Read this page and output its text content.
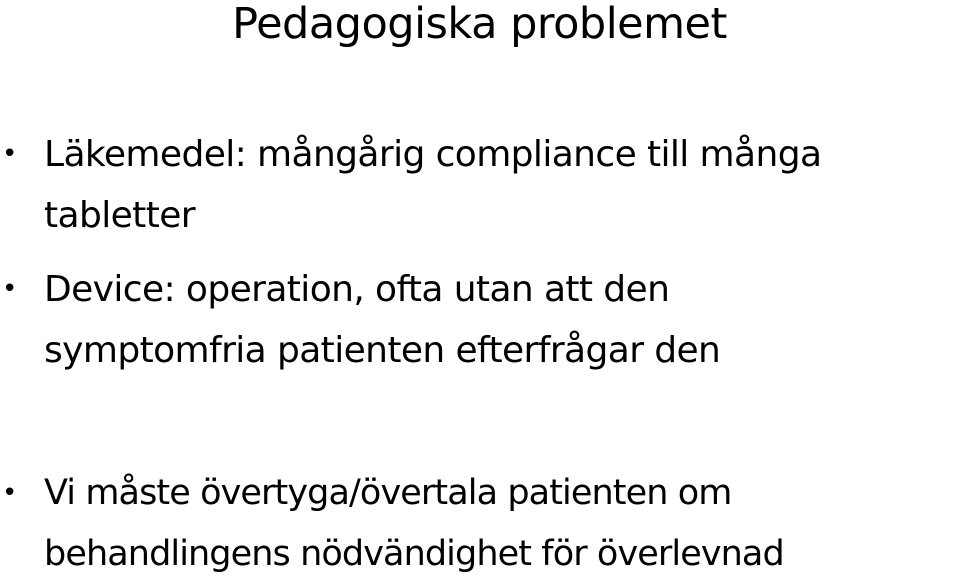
Pedagogiska problemet
• Läkemedel: mångårig compliance till många
tabletter
• Device: operation, ofta utan att den
symptomfria patienten efterfrågar den
• Vi måste övertyga/övertala patienten om
behandlingens nödvändighet för överlevnad
